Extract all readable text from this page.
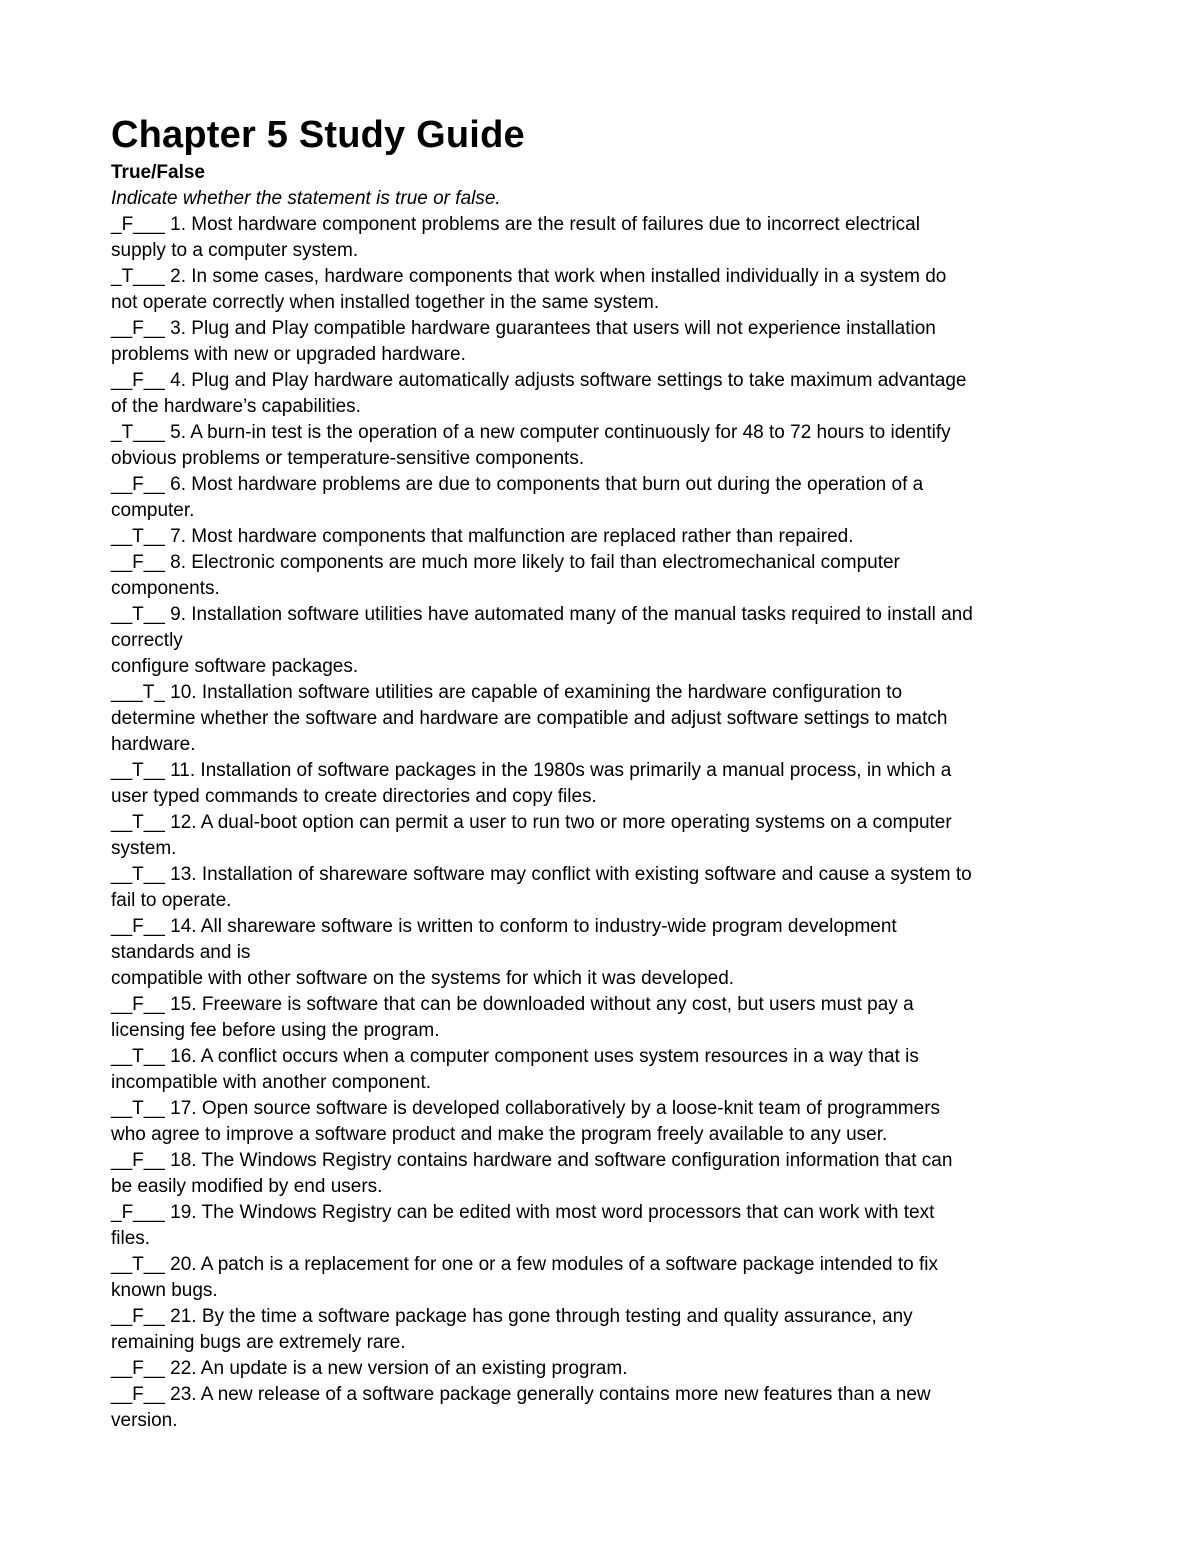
Chapter 5 Study Guide

True/False

Indicate whether the statement is true or false.

_F___ 1. Most hardware component problems are the result of failures due to incorrect electrical
supply to a computer system.

_T___ 2. In some cases, hardware components that work when installed individually in a system do
not operate correctly when installed together in the same system.

__F__ 3. Plug and Play compatible hardware guarantees that users will not experience installation
problems with new or upgraded hardware.

__F__ 4. Plug and Play hardware automatically adjusts software settings to take maximum advantage
of the hardware’s capabilities.

_T___ 5. A burn-in test is the operation of a new computer continuously for 48 to 72 hours to identify
obvious problems or temperature-sensitive components.

__F__ 6. Most hardware problems are due to components that burn out during the operation of a
computer.

__T__ 7. Most hardware components that malfunction are replaced rather than repaired.

__F__ 8. Electronic components are much more likely to fail than electromechanical computer
components.

__T__ 9. Installation software utilities have automated many of the manual tasks required to install and
correctly
configure software packages.

___T_ 10. Installation software utilities are capable of examining the hardware configuration to
determine whether the software and hardware are compatible and adjust software settings to match
hardware.

__T__ 11. Installation of software packages in the 1980s was primarily a manual process, in which a
user typed commands to create directories and copy files.

__T__ 12. A dual-boot option can permit a user to run two or more operating systems on a computer
system.

__T__ 13. Installation of shareware software may conflict with existing software and cause a system to
fail to operate.

__F__ 14. All shareware software is written to conform to industry-wide program development
standards and is
compatible with other software on the systems for which it was developed.

__F__ 15. Freeware is software that can be downloaded without any cost, but users must pay a
licensing fee before using the program.

__T__ 16. A conflict occurs when a computer component uses system resources in a way that is
incompatible with another component.

__T__ 17. Open source software is developed collaboratively by a loose-knit team of programmers
who agree to improve a software product and make the program freely available to any user.

__F__ 18. The Windows Registry contains hardware and software configuration information that can
be easily modified by end users.

_F___ 19. The Windows Registry can be edited with most word processors that can work with text
files.

__T__ 20. A patch is a replacement for one or a few modules of a software package intended to fix
known bugs.

__F__ 21. By the time a software package has gone through testing and quality assurance, any
remaining bugs are extremely rare.

__F__ 22. An update is a new version of an existing program.

__F__ 23. A new release of a software package generally contains more new features than a new
version.
